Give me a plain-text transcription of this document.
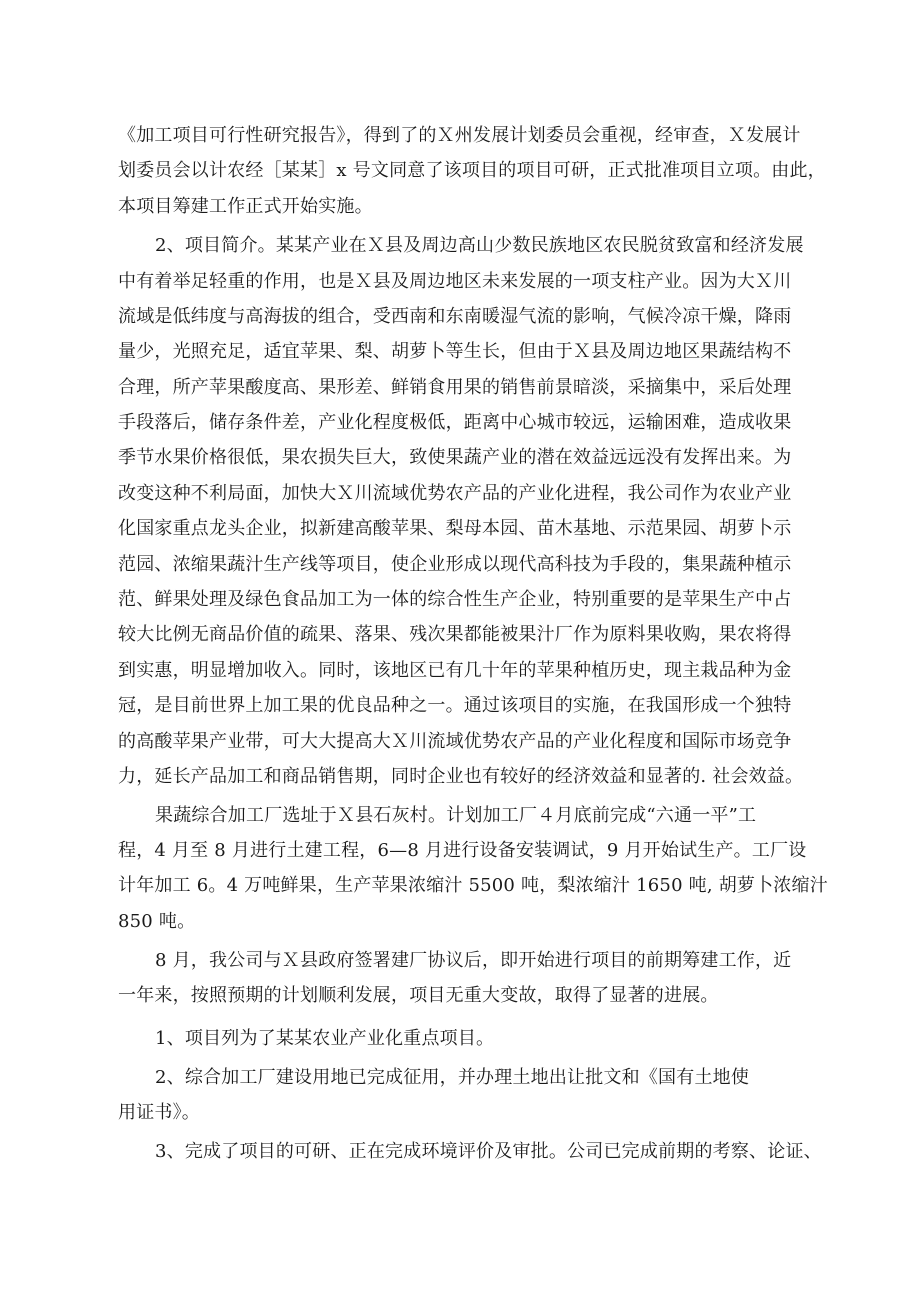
《加工项目可行性研究报告》，得到了的Ｘ州发展计划委员会重视，经审查，Ｘ发展计
划委员会以计农经［某某］x 号文同意了该项目的项目可研，正式批准项目立项。由此，
本项目筹建工作正式开始实施。
2、项目简介。某某产业在Ｘ县及周边高山少数民族地区农民脱贫致富和经济发展
中有着举足轻重的作用，也是Ｘ县及周边地区未来发展的一项支柱产业。因为大Ｘ川
流域是低纬度与高海拔的组合，受西南和东南暖湿气流的影响，气候冷凉干燥，降雨
量少，光照充足，适宜苹果、梨、胡萝卜等生长，但由于Ｘ县及周边地区果蔬结构不
合理，所产苹果酸度高、果形差、鲜销食用果的销售前景暗淡，采摘集中，采后处理
手段落后，储存条件差，产业化程度极低，距离中心城市较远，运输困难，造成收果
季节水果价格很低，果农损失巨大，致使果蔬产业的潜在效益远远没有发挥出来。为
改变这种不利局面，加快大Ｘ川流域优势农产品的产业化进程，我公司作为农业产业
化国家重点龙头企业，拟新建高酸苹果、梨母本园、苗木基地、示范果园、胡萝卜示
范园、浓缩果蔬汁生产线等项目，使企业形成以现代高科技为手段的，集果蔬种植示
范、鲜果处理及绿色食品加工为一体的综合性生产企业，特别重要的是苹果生产中占
较大比例无商品价值的疏果、落果、残次果都能被果汁厂作为原料果收购，果农将得
到实惠，明显增加收入。同时，该地区已有几十年的苹果种植历史，现主栽品种为金
冠，是目前世界上加工果的优良品种之一。通过该项目的实施，在我国形成一个独特
的高酸苹果产业带，可大大提高大Ｘ川流域优势农产品的产业化程度和国际市场竞争
力，延长产品加工和商品销售期，同时企业也有较好的经济效益和显著的. 社会效益。
果蔬综合加工厂选址于Ｘ县石灰村。计划加工厂４月底前完成“六通一平”工
程，4 月至 8 月进行土建工程，6—8 月进行设备安装调试，9 月开始试生产。工厂设
计年加工 6。4 万吨鲜果，生产苹果浓缩汁 5500 吨，梨浓缩汁 1650 吨, 胡萝卜浓缩汁
850 吨。
8 月，我公司与Ｘ县政府签署建厂协议后，即开始进行项目的前期筹建工作，近
一年来，按照预期的计划顺利发展，项目无重大变故，取得了显著的进展。
1、项目列为了某某农业产业化重点项目。
2、综合加工厂建设用地已完成征用，并办理土地出让批文和《国有土地使
用证书》。
3、完成了项目的可研、正在完成环境评价及审批。公司已完成前期的考察、论证、
